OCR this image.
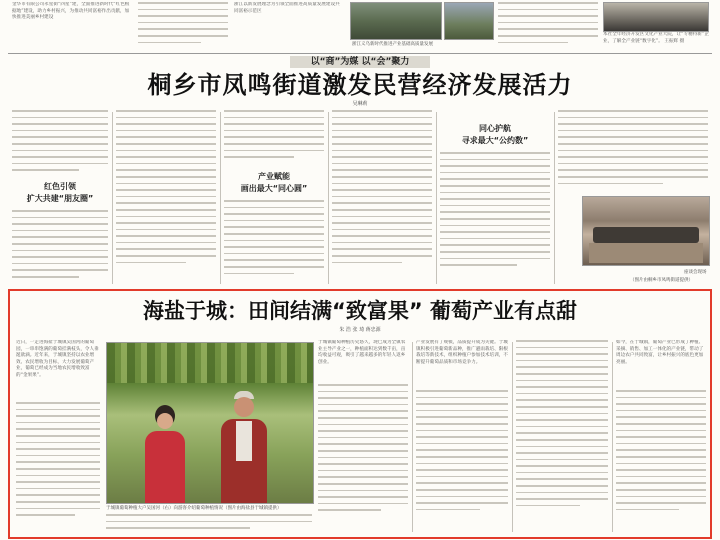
金华市有限公司永星街“四星”建，全面推进新时代“红色根据地”建设，助力乡村振兴，为推动共同富裕作出贡献，加快推进美丽乡村建设
浙江以新发展理念为引领全面推进高质量发展建设共同富裕示范区
浙江义乌新时代推进产业基础高质量发展
本社全年经济开发区文化产业大院，让“专精特新”企业，了解全产业链“数字化”。 王振辉 摄
以“商”为媒 以“会”聚力
桐乡市凤鸣街道激发民营经济发展活力
吴琳莉
红色引领
扩大共建“朋友圈”
产业赋能
画出最大“同心圆”
同心护航
寻求最大“公约数”
座谈会现场
（图片由桐乡市凤鸣街道提供）
海盐于城：田间结满“致富果” 葡萄产业有点甜
朱 浩 张 琦 蒋忠源
近日，一走进海盐于城镇吴国河的葡萄园，一串串饱满的葡萄挂满枝头，令人垂涎欲滴。近年来，于城镇坚持以农业增效、农民增收为目标，大力发展葡萄产业，葡萄已经成为当地农民增收致富的“金果果”。
于城镇葡萄种植大户吴国河（右）向游客介绍葡萄种植情况（图片由海盐县于城镇提供）
于城镇葡萄种植历史悠久，现已成为全镇农业主导产业之一，种植面积达到数千亩，亩均收益可观，吸引了越来越多的年轻人返乡创业。
产业发展有了规模，品质提升成为关键。于城镇积极引进葡萄新品种，推广避雨栽培、限根栽培等新技术，组织种植户参加技术培训，不断提升葡萄品质和市场竞争力。
如今，在于城镇，葡萄产业已形成了种植、采摘、销售、加工一体化的产业链，带动了周边农户共同致富，让乡村振兴的底色更加亮丽。
